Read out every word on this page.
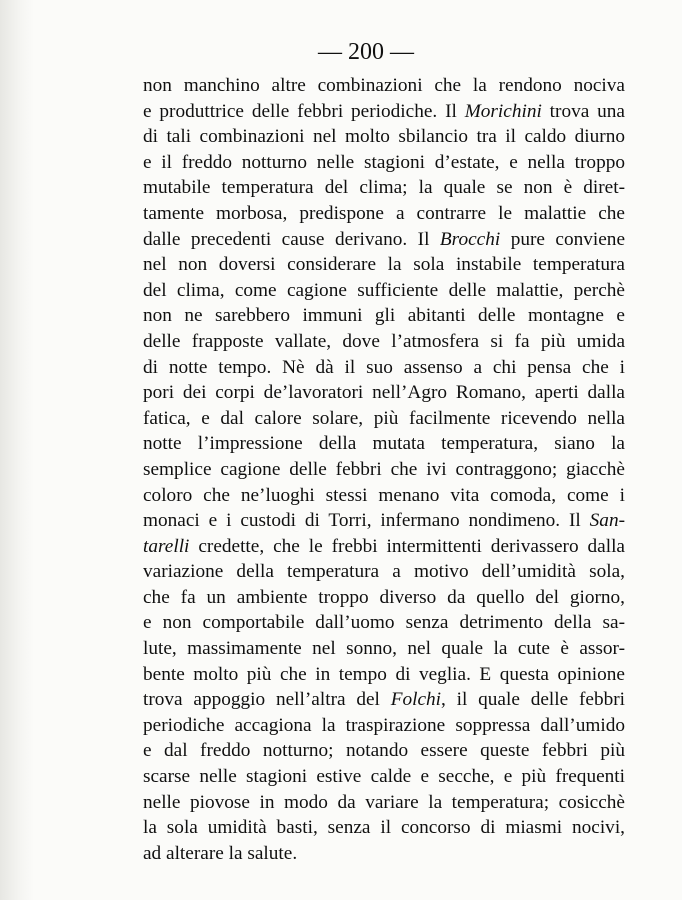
— 200 —
non manchino altre combinazioni che la rendono nociva
e produttrice delle febbri periodiche. Il Morichini trova una
di tali combinazioni nel molto sbilancio tra il caldo diurno
e il freddo notturno nelle stagioni d’estate, e nella troppo
mutabile temperatura del clima; la quale se non è diret-
tamente morbosa, predispone a contrarre le malattie che
dalle precedenti cause derivano. Il Brocchi pure conviene
nel non doversi considerare la sola instabile temperatura
del clima, come cagione sufficiente delle malattie, perchè
non ne sarebbero immuni gli abitanti delle montagne e
delle frapposte vallate, dove l’atmosfera si fa più umida
di notte tempo. Nè dà il suo assenso a chi pensa che i
pori dei corpi de’lavoratori nell’Agro Romano, aperti dalla
fatica, e dal calore solare, più facilmente ricevendo nella
notte l’impressione della mutata temperatura, siano la
semplice cagione delle febbri che ivi contraggono; giacchè
coloro che ne’luoghi stessi menano vita comoda, come i
monaci e i custodi di Torri, infermano nondimeno. Il San-
tarelli credette, che le frebbi intermittenti derivassero dalla
variazione della temperatura a motivo dell’umidità sola,
che fa un ambiente troppo diverso da quello del giorno,
e non comportabile dall’uomo senza detrimento della sa-
lute, massimamente nel sonno, nel quale la cute è assor-
bente molto più che in tempo di veglia. E questa opinione
trova appoggio nell’altra del Folchi, il quale delle febbri
periodiche accagiona la traspirazione soppressa dall’umido
e dal freddo notturno; notando essere queste febbri più
scarse nelle stagioni estive calde e secche, e più frequenti
nelle piovose in modo da variare la temperatura; cosicchè
la sola umidità basti, senza il concorso di miasmi nocivi,
ad alterare la salute.
